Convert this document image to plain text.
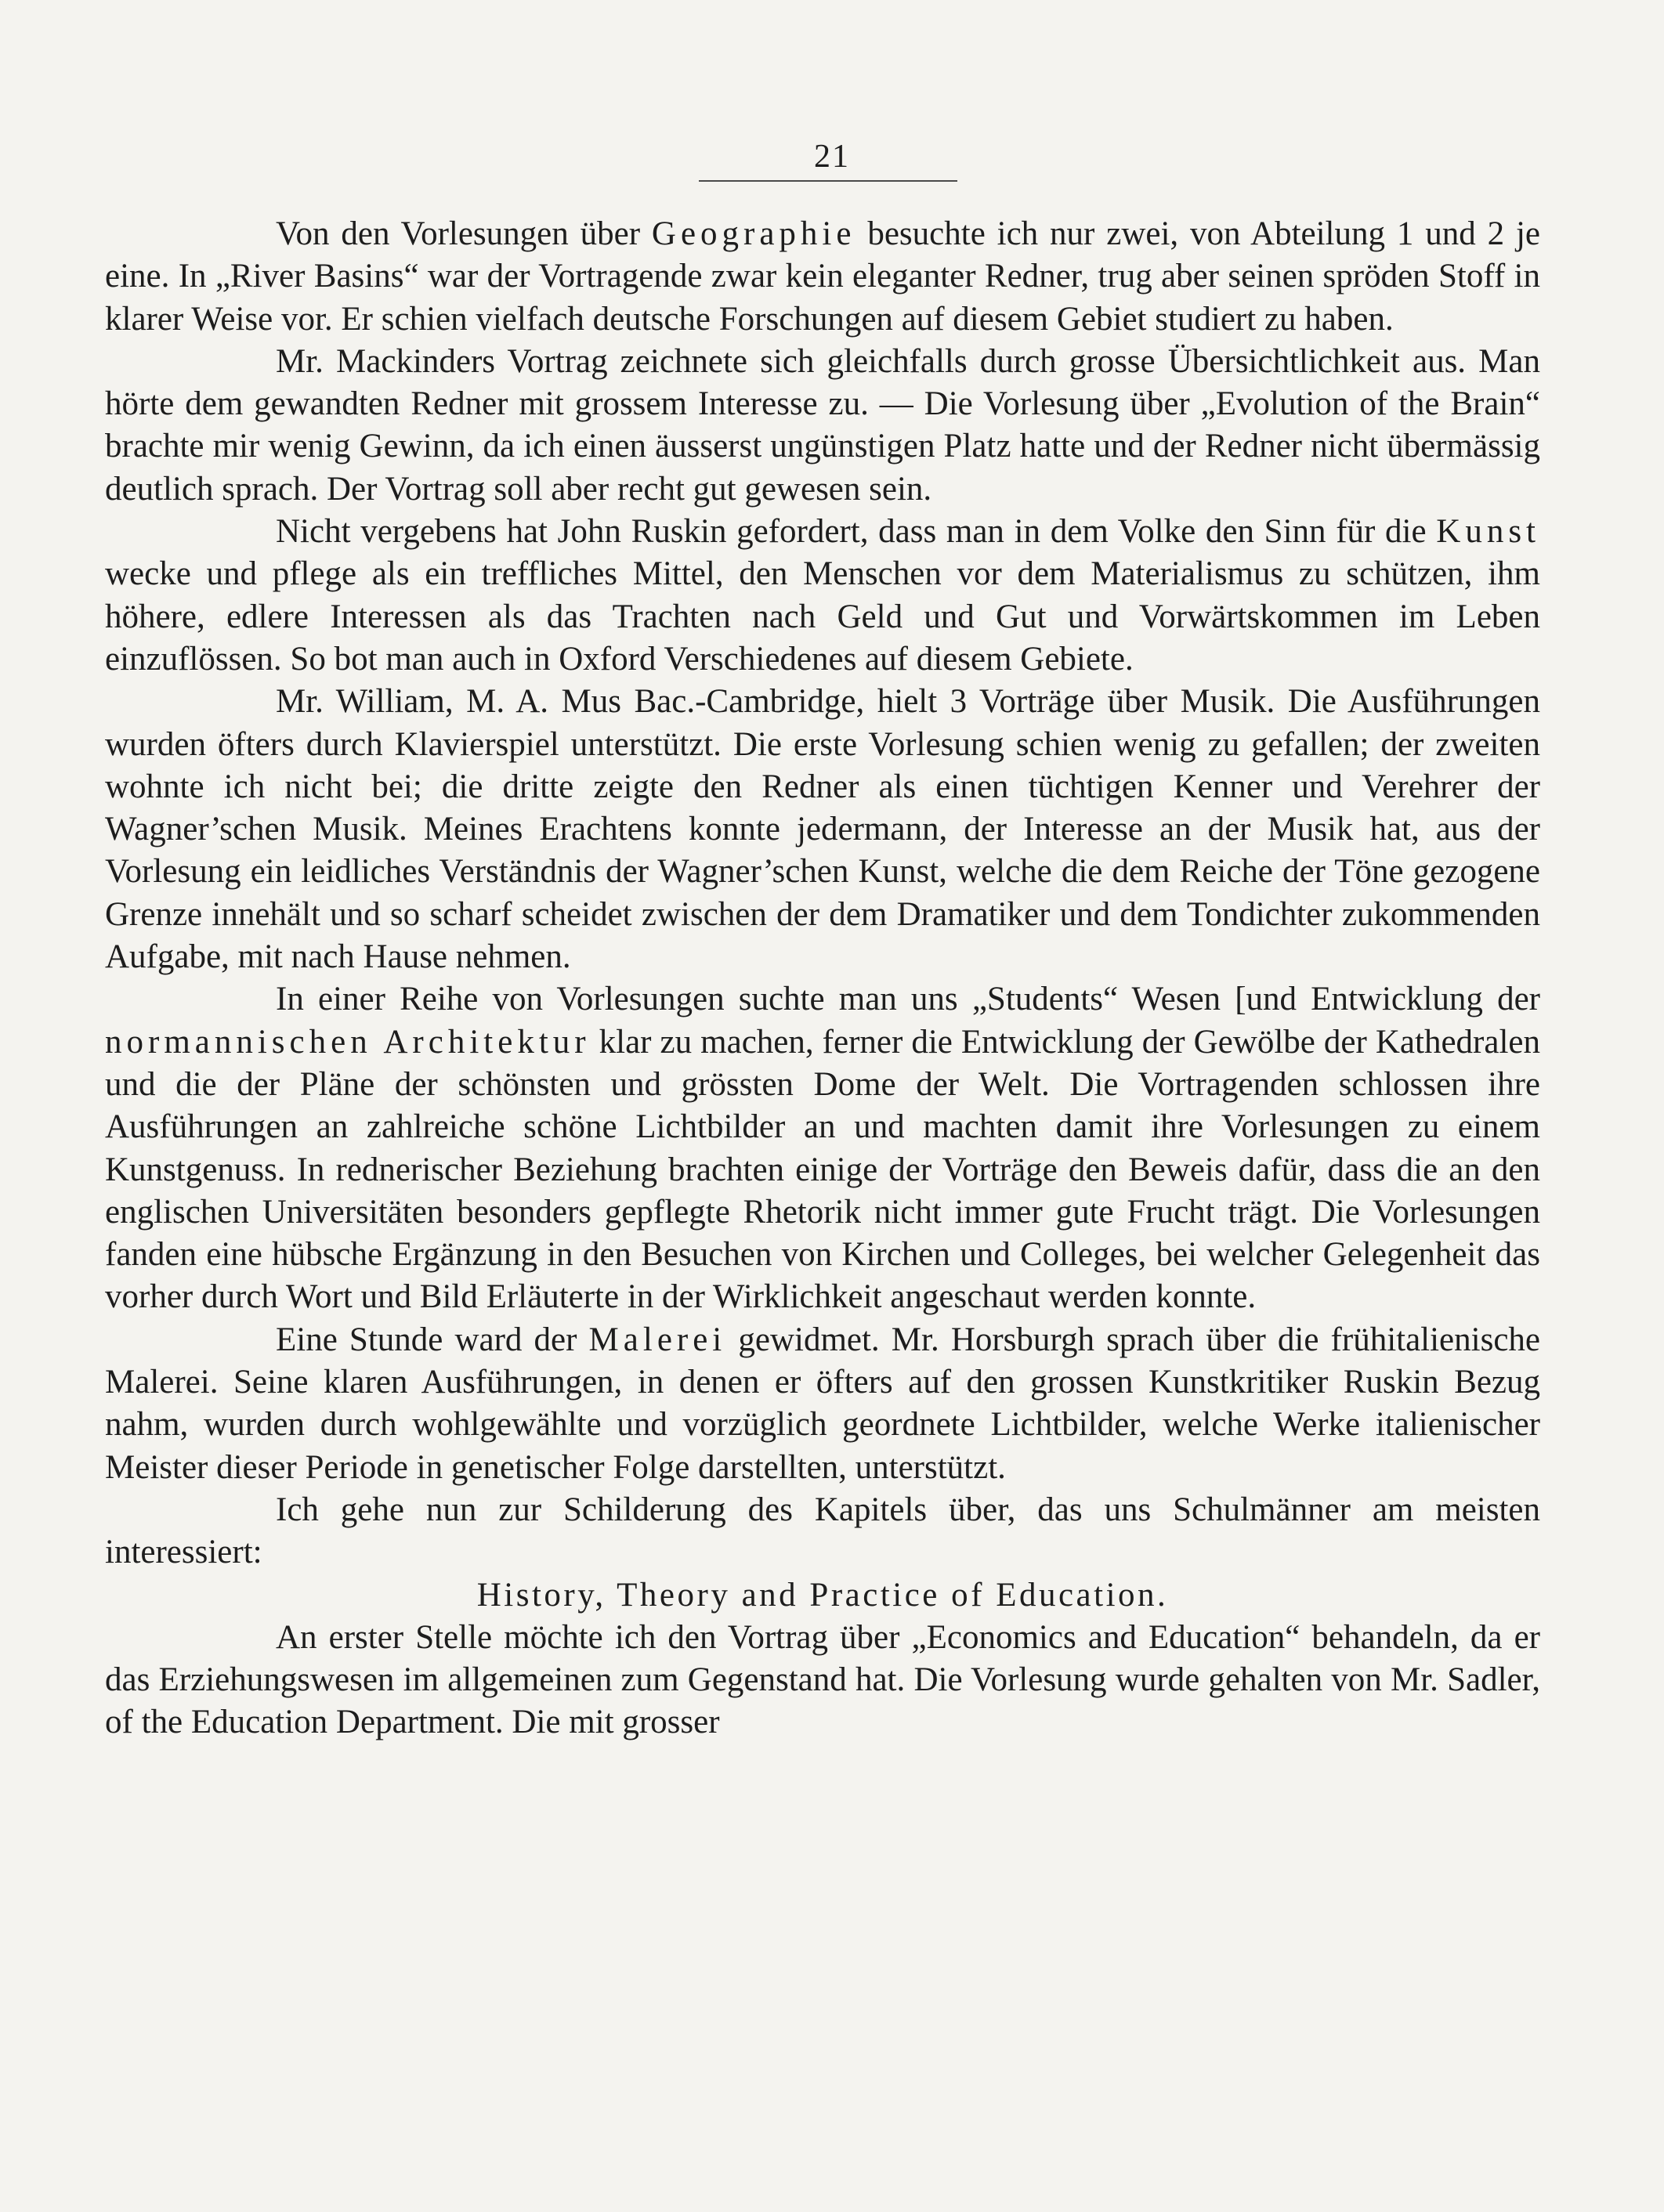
21

Von den Vorlesungen über Geographie besuchte ich nur zwei, von Abteilung 1 und 2 je eine. In „River Basins“ war der Vortragende zwar kein eleganter Redner, trug aber seinen spröden Stoff in klarer Weise vor. Er schien vielfach deutsche Forschungen auf diesem Gebiet studiert zu haben.

Mr. Mackinders Vortrag zeichnete sich gleichfalls durch grosse Übersichtlichkeit aus. Man hörte dem gewandten Redner mit grossem Interesse zu. — Die Vorlesung über „Evolution of the Brain“ brachte mir wenig Gewinn, da ich einen äusserst ungünstigen Platz hatte und der Redner nicht übermässig deutlich sprach. Der Vortrag soll aber recht gut gewesen sein.

Nicht vergebens hat John Ruskin gefordert, dass man in dem Volke den Sinn für die Kunst wecke und pflege als ein treffliches Mittel, den Menschen vor dem Materialismus zu schützen, ihm höhere, edlere Interessen als das Trachten nach Geld und Gut und Vorwärtskommen im Leben einzuflössen. So bot man auch in Oxford Verschiedenes auf diesem Gebiete.

Mr. William, M. A. Mus Bac.-Cambridge, hielt 3 Vorträge über Musik. Die Ausführungen wurden öfters durch Klavierspiel unterstützt. Die erste Vorlesung schien wenig zu gefallen; der zweiten wohnte ich nicht bei; die dritte zeigte den Redner als einen tüchtigen Kenner und Verehrer der Wagner’schen Musik. Meines Erachtens konnte jedermann, der Interesse an der Musik hat, aus der Vorlesung ein leidliches Verständnis der Wagner’schen Kunst, welche die dem Reiche der Töne gezogene Grenze innehält und so scharf scheidet zwischen der dem Dramatiker und dem Tondichter zukommenden Aufgabe, mit nach Hause nehmen.

In einer Reihe von Vorlesungen suchte man uns „Students“ Wesen [und Entwicklung der normannischen Architektur klar zu machen, ferner die Entwicklung der Gewölbe der Kathedralen und die der Pläne der schönsten und grössten Dome der Welt. Die Vortragenden schlossen ihre Ausführungen an zahlreiche schöne Lichtbilder an und machten damit ihre Vorlesungen zu einem Kunstgenuss. In rednerischer Beziehung brachten einige der Vorträge den Beweis dafür, dass die an den englischen Universitäten besonders gepflegte Rhetorik nicht immer gute Frucht trägt. Die Vorlesungen fanden eine hübsche Ergänzung in den Besuchen von Kirchen und Colleges, bei welcher Gelegenheit das vorher durch Wort und Bild Erläuterte in der Wirklichkeit angeschaut werden konnte.

Eine Stunde ward der Malerei gewidmet. Mr. Horsburgh sprach über die frühitalienische Malerei. Seine klaren Ausführungen, in denen er öfters auf den grossen Kunstkritiker Ruskin Bezug nahm, wurden durch wohlgewählte und vorzüglich geordnete Lichtbilder, welche Werke italienischer Meister dieser Periode in genetischer Folge darstellten, unterstützt.

Ich gehe nun zur Schilderung des Kapitels über, das uns Schulmänner am meisten interessiert:

History, Theory and Practice of Education.

An erster Stelle möchte ich den Vortrag über „Economics and Education“ behandeln, da er das Erziehungswesen im allgemeinen zum Gegenstand hat. Die Vorlesung wurde gehalten von Mr. Sadler, of the Education Department. Die mit grosser
